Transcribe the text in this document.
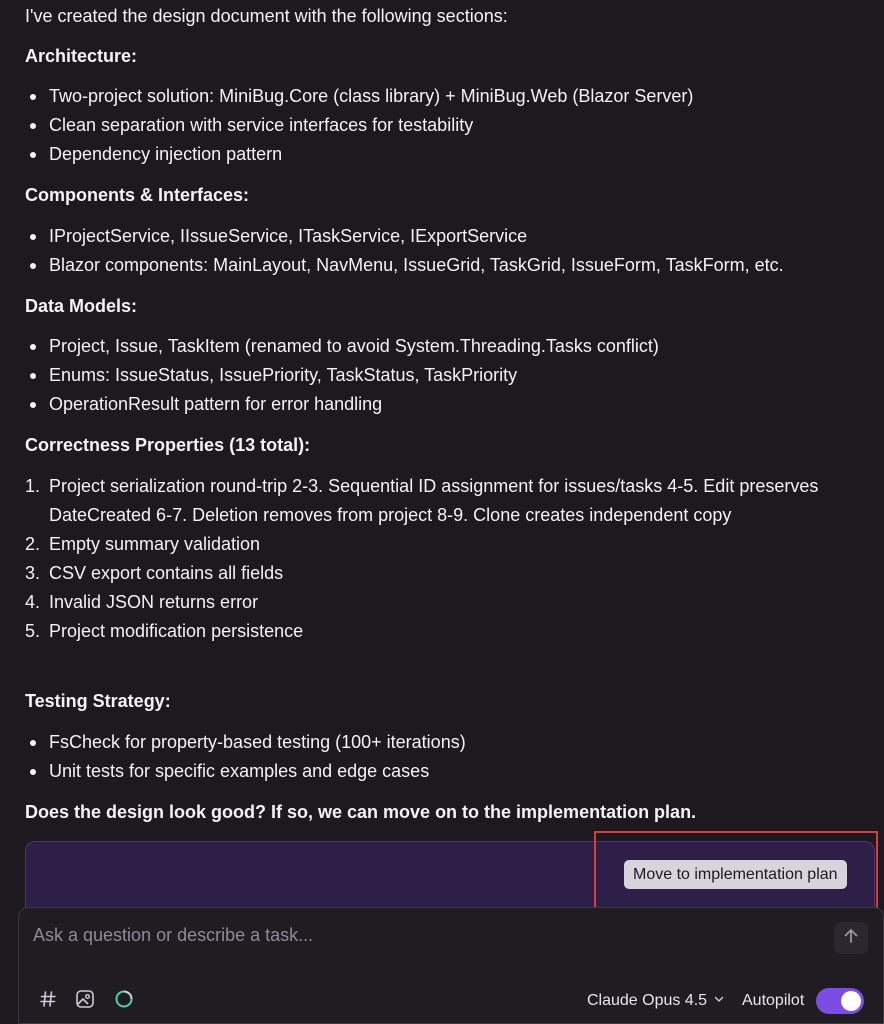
I've created the design document with the following sections:
Architecture:
Two-project solution: MiniBug.Core (class library) + MiniBug.Web (Blazor Server)
Clean separation with service interfaces for testability
Dependency injection pattern
Components & Interfaces:
IProjectService, IIssueService, ITaskService, IExportService
Blazor components: MainLayout, NavMenu, IssueGrid, TaskGrid, IssueForm, TaskForm, etc.
Data Models:
Project, Issue, TaskItem (renamed to avoid System.Threading.Tasks conflict)
Enums: IssueStatus, IssuePriority, TaskStatus, TaskPriority
OperationResult pattern for error handling
Correctness Properties (13 total):
1. Project serialization round-trip 2-3. Sequential ID assignment for issues/tasks 4-5. Edit preserves DateCreated 6-7. Deletion removes from project 8-9. Clone creates independent copy
2. Empty summary validation
3. CSV export contains all fields
4. Invalid JSON returns error
5. Project modification persistence
Testing Strategy:
FsCheck for property-based testing (100+ iterations)
Unit tests for specific examples and edge cases
Does the design look good? If so, we can move on to the implementation plan.
Move to implementation plan
Ask a question or describe a task...
Claude Opus 4.5 Autopilot
